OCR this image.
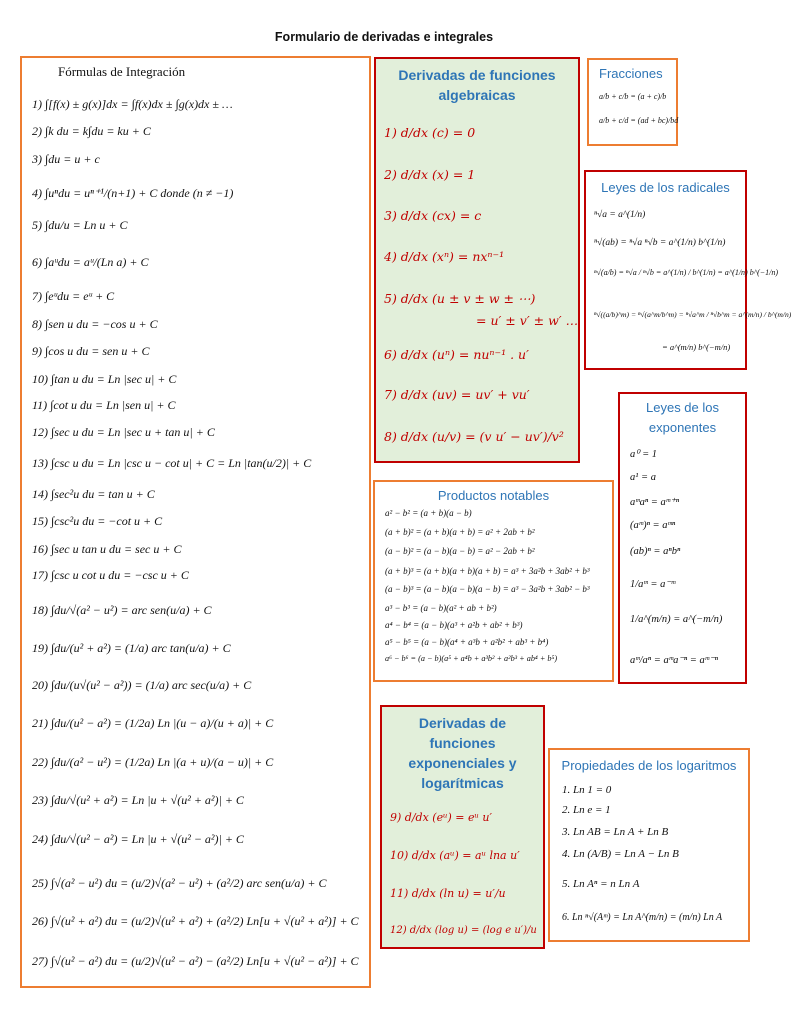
Formulario de derivadas e integrales
Fórmulas de Integración
1) ∫[f(x) ± g(x)]dx = ∫f(x)dx ± ∫g(x)dx ± …
2) ∫k du = k∫du = ku + C
3) ∫du = u + c
4) ∫uⁿdu = uⁿ⁺¹/(n+1) + C donde (n ≠ −1)
5) ∫du/u = Ln u + C
6) ∫aᵘdu = aᵘ/(Ln a) + C
7) ∫eᵘdu = eᵘ + C
8) ∫sen u du = −cos u + C
9) ∫cos u du = sen u + C
10) ∫tan u du = Ln |sec u| + C
11) ∫cot u du = Ln |sen u| + C
12) ∫sec u du = Ln |sec u + tan u| + C
13) ∫csc u du = Ln |csc u − cot u| + C = Ln |tan(u/2)| + C
14) ∫sec²u du = tan u + C
15) ∫csc²u du = −cot u + C
16) ∫sec u tan u du = sec u + C
17) ∫csc u cot u du = −csc u + C
18) ∫du/√(a² − u²) = arc sen(u/a) + C
19) ∫du/(u² + a²) = (1/a) arc tan(u/a) + C
20) ∫du/(u√(u² − a²)) = (1/a) arc sec(u/a) + C
21) ∫du/(u² − a²) = (1/2a) Ln |(u − a)/(u + a)| + C
22) ∫du/(a² − u²) = (1/2a) Ln |(a + u)/(a − u)| + C
23) ∫du/√(u² + a²) = Ln |u + √(u² + a²)| + C
24) ∫du/√(u² − a²) = Ln |u + √(u² − a²)| + C
25) ∫√(a² − u²) du = (u/2)√(a² − u²) + (a²/2) arc sen(u/a) + C
26) ∫√(u² + a²) du = (u/2)√(u² + a²) + (a²/2) Ln[u + √(u² + a²)] + C
27) ∫√(u² − a²) du = (u/2)√(u² − a²) − (a²/2) Ln[u + √(u² − a²)] + C
Derivadas de funciones algebraicas
1) d/dx (c) = 0
2) d/dx (x) = 1
3) d/dx (cx) = c
4) d/dx (xⁿ) = nxⁿ⁻¹
5) d/dx (u ± v ± w ± ⋯)
= u′ ± v′ ± w′ …
6) d/dx (uⁿ) = nuⁿ⁻¹ . u′
7) d/dx (uv) = uv′ + vu′
8) d/dx (u/v) = (v u′ − uv′)/v²
Fracciones
a/b + c/b = (a + c)/b
a/b + c/d = (ad + bc)/bd
Leyes de los radicales
ⁿ√a = a^(1/n)
ⁿ√(ab) = ⁿ√a ⁿ√b = a^(1/n) b^(1/n)
ⁿ√(a/b) = ⁿ√a / ⁿ√b = a^(1/n) / b^(1/n) = a^(1/n) b^(−1/n)
ⁿ√((a/b)^m) = ⁿ√(a^m/b^m) = ⁿ√a^m / ⁿ√b^m = a^(m/n) / b^(m/n)
= a^(m/n) b^(−m/n)
Leyes de los exponentes
a⁰ = 1
a¹ = a
aᵐaⁿ = aᵐ⁺ⁿ
(aᵐ)ⁿ = aᵐⁿ
(ab)ⁿ = aⁿbⁿ
1/aᵐ = a⁻ᵐ
1/a^(m/n) = a^(−m/n)
aᵐ/aⁿ = aᵐa⁻ⁿ = aᵐ⁻ⁿ
Productos notables
a² − b² = (a + b)(a − b)
(a + b)² = (a + b)(a + b) = a² + 2ab + b²
(a − b)² = (a − b)(a − b) = a² − 2ab + b²
(a + b)³ = (a + b)(a + b)(a + b) = a³ + 3a²b + 3ab² + b³
(a − b)³ = (a − b)(a − b)(a − b) = a³ − 3a²b + 3ab² − b³
a³ − b³ = (a − b)(a² + ab + b²)
a⁴ − b⁴ = (a − b)(a³ + a²b + ab² + b³)
a⁵ − b⁵ = (a − b)(a⁴ + a³b + a²b² + ab³ + b⁴)
a⁶ − b⁶ = (a − b)(a⁵ + a⁴b + a³b² + a²b³ + ab⁴ + b⁵)
Derivadas de funciones exponenciales y logarítmicas
9) d/dx (eᵘ) = eᵘ u′
10) d/dx (aᵘ) = aᵘ lna u′
11) d/dx (ln u) = u′/u
12) d/dx (log u) = (log e u′)/u
Propiedades de los logaritmos
1. Ln 1 = 0
2. Ln e = 1
3. Ln AB = Ln A + Ln B
4. Ln (A/B) = Ln A − Ln B
5. Ln Aⁿ = n Ln A
6. Ln ⁿ√(Aᵐ) = Ln A^(m/n) = (m/n) Ln A
